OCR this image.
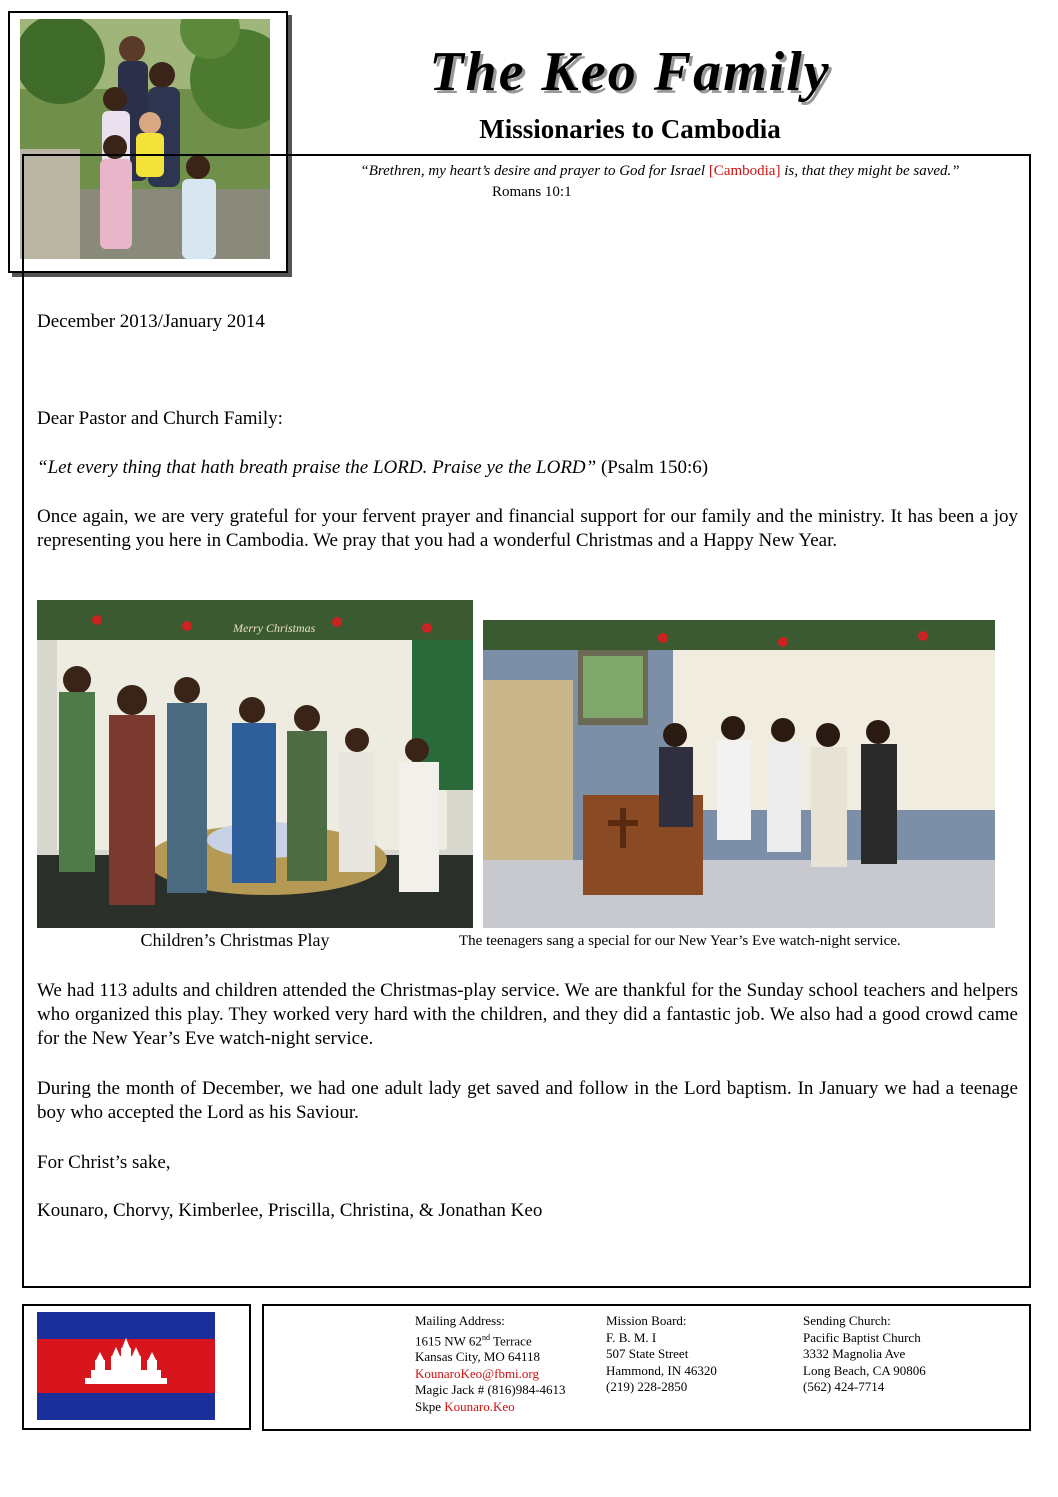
The Keo Family
Missionaries to Cambodia
“Brethren, my heart’s desire and prayer to God for Israel [Cambodia] is, that they might be saved.”
Romans 10:1
December 2013/January 2014
Dear Pastor and Church Family:
“Let every thing that hath breath praise the LORD. Praise ye the LORD” (Psalm 150:6)
Once again, we are very grateful for your fervent prayer and financial support for our family and the ministry. It has been a joy representing you here in Cambodia. We pray that you had a wonderful Christmas and a Happy New Year.
Merry Christmas
Children’s Christmas Play	The teenagers sang a special for our New Year’s Eve watch-night service.
We had 113 adults and children attended the Christmas-play service. We are thankful for the Sunday school teachers and helpers who organized this play. They worked very hard with the children, and they did a fantastic job. We also had a good crowd came for the New Year’s Eve watch-night service.
During the month of December, we had one adult lady get saved and follow in the Lord baptism. In January we had a teenage boy who accepted the Lord as his Saviour.
For Christ’s sake,
Kounaro, Chorvy, Kimberlee, Priscilla, Christina, & Jonathan Keo
Mailing Address:
1615 NW 62nd Terrace
Kansas City, MO 64118
KounaroKeo@fbmi.org
Magic Jack # (816)984-4613
Skpe Kounaro.Keo
Mission Board:
F. B. M. I
507 State Street
Hammond, IN 46320
(219) 228-2850
Sending Church:
Pacific Baptist Church
3332 Magnolia Ave
Long Beach, CA 90806
(562) 424-7714
